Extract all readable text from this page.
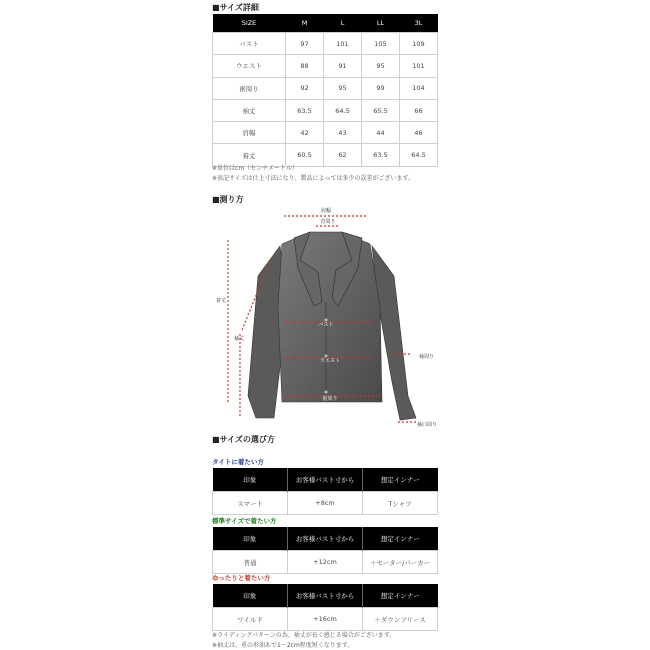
■サイズ詳細
SIZE	M	L	LL	3L
バスト	97	101	105	109
ウエスト	88	91	95	101
裾周り	92	95	99	104
袖丈	63.5	64.5	65.5	66
肩幅	42	43	44	46
着丈	60.5	62	63.5	64.5
※単位はcm（センチメートル）
※表記サイズは仕上寸法になり、製品によっては多少の誤差がございます。
■測り方
肩幅
首周り
着丈
袖丈
バスト
ウエスト
裾周り
袖周り
袖口周り
■サイズの選び方
タイトに着たい方
印象	お客様バスト寸から	想定インナー
スマート	+8cm	Tシャツ
標準サイズで着たい方
印象	お客様バスト寸から	想定インナー
普通	+12cm	＋セーター/パーカー
ゆったりと着たい方
印象	お客様バスト寸から	想定インナー
ワイルド	+16cm	＋ダウンフリース
※ライディングパターンの為、袖丈が長く感じる場合がございます。
※袖丈は、重の形油あで1〜2cm程度短くなります。
